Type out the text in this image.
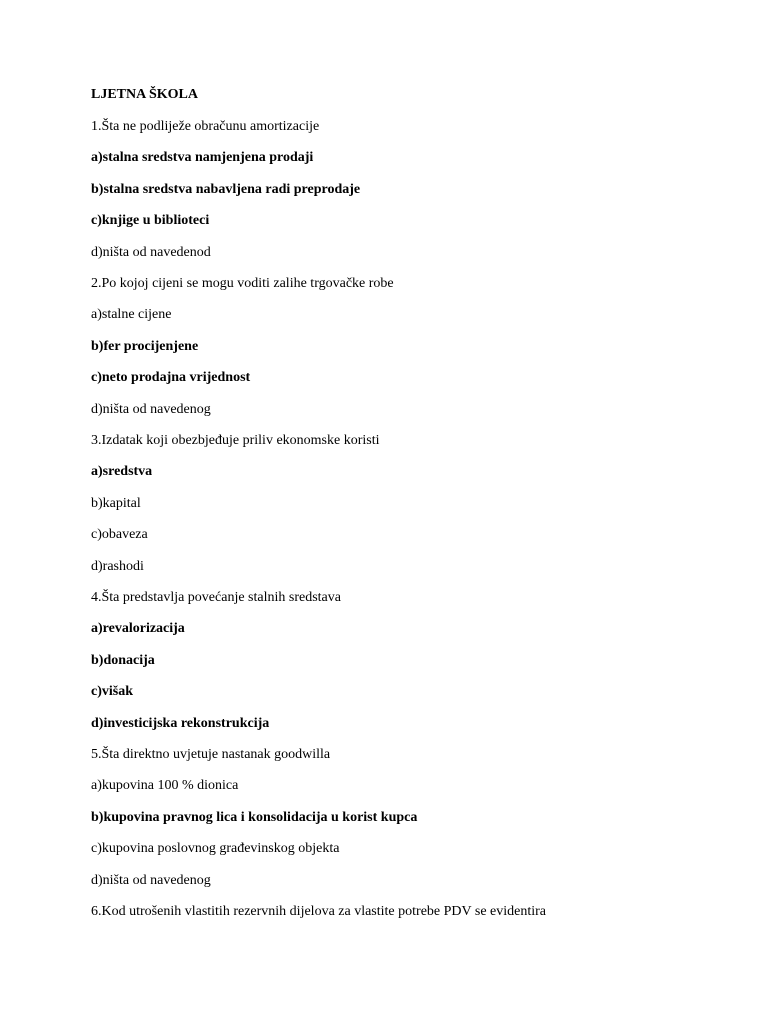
LJETNA ŠKOLA
1.Šta ne podliježe obračunu amortizacije
a)stalna sredstva namjenjena prodaji
b)stalna sredstva nabavljena radi preprodaje
c)knjige u biblioteci
d)ništa od navedenod
2.Po kojoj cijeni se mogu voditi zalihe trgovačke robe
a)stalne cijene
b)fer procijenjene
c)neto prodajna vrijednost
d)ništa od navedenog
3.Izdatak koji obezbjeđuje priliv ekonomske koristi
a)sredstva
b)kapital
c)obaveza
d)rashodi
4.Šta predstavlja povećanje stalnih sredstava
a)revalorizacija
b)donacija
c)višak
d)investicijska rekonstrukcija
5.Šta direktno uvjetuje nastanak goodwilla
a)kupovina 100 % dionica
b)kupovina pravnog lica i konsolidacija u korist kupca
c)kupovina poslovnog građevinskog objekta
d)ništa od navedenog
6.Kod utrošenih vlastitih rezervnih dijelova za vlastite potrebe PDV se evidentira
